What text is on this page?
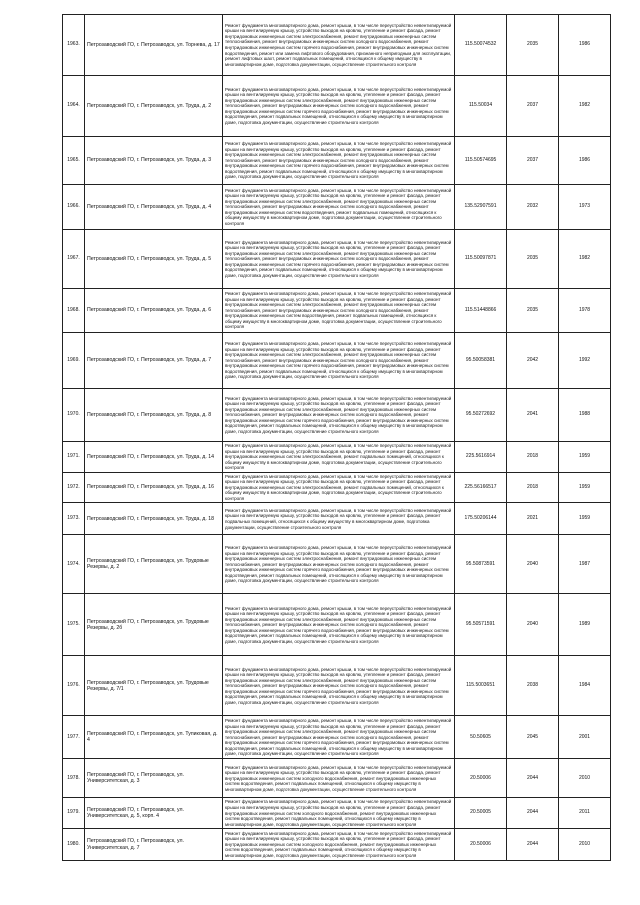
1963.	Петрозаводский ГО, г. Петрозаводск, ул. Торнева, д. 17	Ремонт фундамента многоквартирного дома, ремонт крыши, в том числе переустройство невентилируемой крыши на вентилируемую крышу, устройство выходов на кровлю, утепление и ремонт фасада, ремонт внутридомовых инженерных систем электроснабжения, ремонт внутридомовых инженерных систем теплоснабжения, ремонт внутридомовых инженерных систем холодного водоснабжения, ремонт внутридомовых инженерных систем горячего водоснабжения, ремонт внутридомовых инженерных систем водоотведения, ремонт или замена лифтового оборудования, признанного непригодным для эксплуатации, ремонт лифтовых шахт, ремонт подвальных помещений, относящихся к общему имуществу в многоквартирном доме, подготовка документации, осуществление строительного контроля	115.50074532	2035	1986
1964.	Петрозаводский ГО, г. Петрозаводск, ул. Труда, д. 2	Ремонт фундамента многоквартирного дома, ремонт крыши, в том числе переустройство невентилируемой крыши на вентилируемую крышу, устройство выходов на кровлю, утепление и ремонт фасада, ремонт внутридомовых инженерных систем электроснабжения, ремонт внутридомовых инженерных систем теплоснабжения, ремонт внутридомовых инженерных систем холодного водоснабжения, ремонт внутридомовых инженерных систем горячего водоснабжения, ремонт внутридомовых инженерных систем водоотведения, ремонт подвальных помещений, относящихся к общему имуществу в многоквартирном доме, подготовка документации, осуществление строительного контроля	115.50034	2037	1982
1965.	Петрозаводский ГО, г. Петрозаводск, ул. Труда, д. 3	Ремонт фундамента многоквартирного дома, ремонт крыши, в том числе переустройство невентилируемой крыши на вентилируемую крышу, устройство выходов на кровлю, утепление и ремонт фасада, ремонт внутридомовых инженерных систем электроснабжения, ремонт внутридомовых инженерных систем теплоснабжения, ремонт внутридомовых инженерных систем холодного водоснабжения, ремонт внутридомовых инженерных систем горячего водоснабжения, ремонт внутридомовых инженерных систем водоотведения, ремонт подвальных помещений, относящихся к общему имуществу в многоквартирном доме, подготовка документации, осуществление строительного контроля	115.50574695	2037	1986
1966.	Петрозаводский ГО, г. Петрозаводск, ул. Труда, д. 4	Ремонт фундамента многоквартирного дома, ремонт крыши, в том числе переустройство невентилируемой крыши на вентилируемую крышу, устройство выходов на кровлю, утепление и ремонт фасада, ремонт внутридомовых инженерных систем электроснабжения, ремонт внутридомовых инженерных систем теплоснабжения, ремонт внутридомовых инженерных систем холодного водоснабжения, ремонт внутридомовых инженерных систем водоотведения, ремонт подвальных помещений, относящихся к общему имуществу в многоквартирном доме, подготовка документации, осуществление строительного контроля	135.52907591	2032	1973
1967.	Петрозаводский ГО, г. Петрозаводск, ул. Труда, д. 5	Ремонт фундамента многоквартирного дома, ремонт крыши, в том числе переустройство невентилируемой крыши на вентилируемую крышу, устройство выходов на кровлю, утепление и ремонт фасада, ремонт внутридомовых инженерных систем электроснабжения, ремонт внутридомовых инженерных систем теплоснабжения, ремонт внутридомовых инженерных систем холодного водоснабжения, ремонт внутридомовых инженерных систем горячего водоснабжения, ремонт внутридомовых инженерных систем водоотведения, ремонт подвальных помещений, относящихся к общему имуществу в многоквартирном доме, подготовка документации, осуществление строительного контроля	115.50097871	2035	1982
1968.	Петрозаводский ГО, г. Петрозаводск, ул. Труда, д. 6	Ремонт фундамента многоквартирного дома, ремонт крыши, в том числе переустройство невентилируемой крыши на вентилируемую крышу, устройство выходов на кровлю, утепление и ремонт фасада, ремонт внутридомовых инженерных систем электроснабжения, ремонт внутридомовых инженерных систем теплоснабжения, ремонт внутридомовых инженерных систем холодного водоснабжения, ремонт внутридомовых инженерных систем водоотведения, ремонт подвальных помещений, относящихся к общему имуществу в многоквартирном доме, подготовка документации, осуществление строительного контроля	115.51448866	2035	1978
1969.	Петрозаводский ГО, г. Петрозаводск, ул. Труда, д. 7	Ремонт фундамента многоквартирного дома, ремонт крыши, в том числе переустройство невентилируемой крыши на вентилируемую крышу, устройство выходов на кровлю, утепление и ремонт фасада, ремонт внутридомовых инженерных систем электроснабжения, ремонт внутридомовых инженерных систем теплоснабжения, ремонт внутридомовых инженерных систем холодного водоснабжения, ремонт внутридомовых инженерных систем горячего водоснабжения, ремонт внутридомовых инженерных систем водоотведения, ремонт подвальных помещений, относящихся к общему имуществу в многоквартирном доме, подготовка документации, осуществление строительного контроля	95.50058381	2042	1992
1970.	Петрозаводский ГО, г. Петрозаводск, ул. Труда, д. 8	Ремонт фундамента многоквартирного дома, ремонт крыши, в том числе переустройство невентилируемой крыши на вентилируемую крышу, устройство выходов на кровлю, утепление и ремонт фасада, ремонт внутридомовых инженерных систем электроснабжения, ремонт внутридомовых инженерных систем теплоснабжения, ремонт внутридомовых инженерных систем холодного водоснабжения, ремонт внутридомовых инженерных систем горячего водоснабжения, ремонт внутридомовых инженерных систем водоотведения, ремонт подвальных помещений, относящихся к общему имуществу в многоквартирном доме, подготовка документации, осуществление строительного контроля	95.50272692	2041	1988
1971.	Петрозаводский ГО, г. Петрозаводск, ул. Труда, д. 14	Ремонт фундамента многоквартирного дома, ремонт крыши, в том числе переустройство невентилируемой крыши на вентилируемую крышу, устройство выходов на кровлю, утепление и ремонт фасада, ремонт внутридомовых инженерных систем электроснабжения, ремонт подвальных помещений, относящихся к общему имуществу в многоквартирном доме, подготовка документации, осуществление строительного контроля	225.5616914	2018	1959
1972.	Петрозаводский ГО, г. Петрозаводск, ул. Труда, д. 16	Ремонт фундамента многоквартирного дома, ремонт крыши, в том числе переустройство невентилируемой крыши на вентилируемую крышу, устройство выходов на кровлю, утепление и ремонт фасада, ремонт внутридомовых инженерных систем электроснабжения, ремонт подвальных помещений, относящихся к общему имуществу в многоквартирном доме, подготовка документации, осуществление строительного контроля	225.56166517	2018	1959
1973.	Петрозаводский ГО, г. Петрозаводск, ул. Труда, д. 18	Ремонт фундамента многоквартирного дома, ремонт крыши, в том числе переустройство невентилируемой крыши на вентилируемую крышу, устройство выходов на кровлю, утепление и ремонт фасада, ремонт подвальных помещений, относящихся к общему имуществу в многоквартирном доме, подготовка документации, осуществление строительного контроля	175.50206144	2021	1959
1974.	Петрозаводский ГО, г. Петрозаводск, ул. Трудовые Резервы, д. 2	Ремонт фундамента многоквартирного дома, ремонт крыши, в том числе переустройство невентилируемой крыши на вентилируемую крышу, устройство выходов на кровлю, утепление и ремонт фасада, ремонт внутридомовых инженерных систем электроснабжения, ремонт внутридомовых инженерных систем теплоснабжения, ремонт внутридомовых инженерных систем холодного водоснабжения, ремонт внутридомовых инженерных систем горячего водоснабжения, ремонт внутридомовых инженерных систем водоотведения, ремонт подвальных помещений, относящихся к общему имуществу в многоквартирном доме, подготовка документации, осуществление строительного контроля	95.50873591	2040	1987
1975.	Петрозаводский ГО, г. Петрозаводск, ул. Трудовые Резервы, д. 2б	Ремонт фундамента многоквартирного дома, ремонт крыши, в том числе переустройство невентилируемой крыши на вентилируемую крышу, устройство выходов на кровлю, утепление и ремонт фасада, ремонт внутридомовых инженерных систем электроснабжения, ремонт внутридомовых инженерных систем теплоснабжения, ремонт внутридомовых инженерных систем холодного водоснабжения, ремонт внутридомовых инженерных систем горячего водоснабжения, ремонт внутридомовых инженерных систем водоотведения, ремонт подвальных помещений, относящихся к общему имуществу в многоквартирном доме, подготовка документации, осуществление строительного контроля	95.50571591	2040	1989
1976.	Петрозаводский ГО, г. Петрозаводск, ул. Трудовые Резервы, д. 7/1	Ремонт фундамента многоквартирного дома, ремонт крыши, в том числе переустройство невентилируемой крыши на вентилируемую крышу, устройство выходов на кровлю, утепление и ремонт фасада, ремонт внутридомовых инженерных систем электроснабжения, ремонт внутридомовых инженерных систем теплоснабжения, ремонт внутридомовых инженерных систем холодного водоснабжения, ремонт внутридомовых инженерных систем горячего водоснабжения, ремонт внутридомовых инженерных систем водоотведения, ремонт подвальных помещений, относящихся к общему имуществу в многоквартирном доме, подготовка документации, осуществление строительного контроля	115.5003651	2038	1984
1977.	Петрозаводский ГО, г. Петрозаводск, ул. Тупиковая, д. 4	Ремонт фундамента многоквартирного дома, ремонт крыши, в том числе переустройство невентилируемой крыши на вентилируемую крышу, устройство выходов на кровлю, утепление и ремонт фасада, ремонт внутридомовых инженерных систем электроснабжения, ремонт внутридомовых инженерных систем теплоснабжения, ремонт внутридомовых инженерных систем холодного водоснабжения, ремонт внутридомовых инженерных систем горячего водоснабжения, ремонт внутридомовых инженерных систем водоотведения, ремонт подвальных помещений, относящихся к общему имуществу в многоквартирном доме, подготовка документации, осуществление строительного контроля	50.50605	2045	2001
1978.	Петрозаводский ГО, г. Петрозаводск, ул. Университетская, д. 3	Ремонт фундамента многоквартирного дома, ремонт крыши, в том числе переустройство невентилируемой крыши на вентилируемую крышу, устройство выходов на кровлю, утепление и ремонт фасада, ремонт внутридомовых инженерных систем холодного водоснабжения, ремонт внутридомовых инженерных систем водоотведения, ремонт подвальных помещений, относящихся к общему имуществу в многоквартирном доме, подготовка документации, осуществление строительного контроля	20.50006	2044	2010
1979.	Петрозаводский ГО, г. Петрозаводск, ул. Университетская, д. 5, корп. 4	Ремонт фундамента многоквартирного дома, ремонт крыши, в том числе переустройство невентилируемой крыши на вентилируемую крышу, устройство выходов на кровлю, утепление и ремонт фасада, ремонт внутридомовых инженерных систем холодного водоснабжения, ремонт внутридомовых инженерных систем водоотведения, ремонт подвальных помещений, относящихся к общему имуществу в многоквартирном доме, подготовка документации, осуществление строительного контроля	20.50005	2044	2011
1980.	Петрозаводский ГО, г. Петрозаводск, ул. Университетская, д. 7	Ремонт фундамента многоквартирного дома, ремонт крыши, в том числе переустройство невентилируемой крыши на вентилируемую крышу, устройство выходов на кровлю, утепление и ремонт фасада, ремонт внутридомовых инженерных систем холодного водоснабжения, ремонт внутридомовых инженерных систем водоотведения, ремонт подвальных помещений, относящихся к общему имуществу в многоквартирном доме, подготовка документации, осуществление строительного контроля	20.50006	2044	2010
